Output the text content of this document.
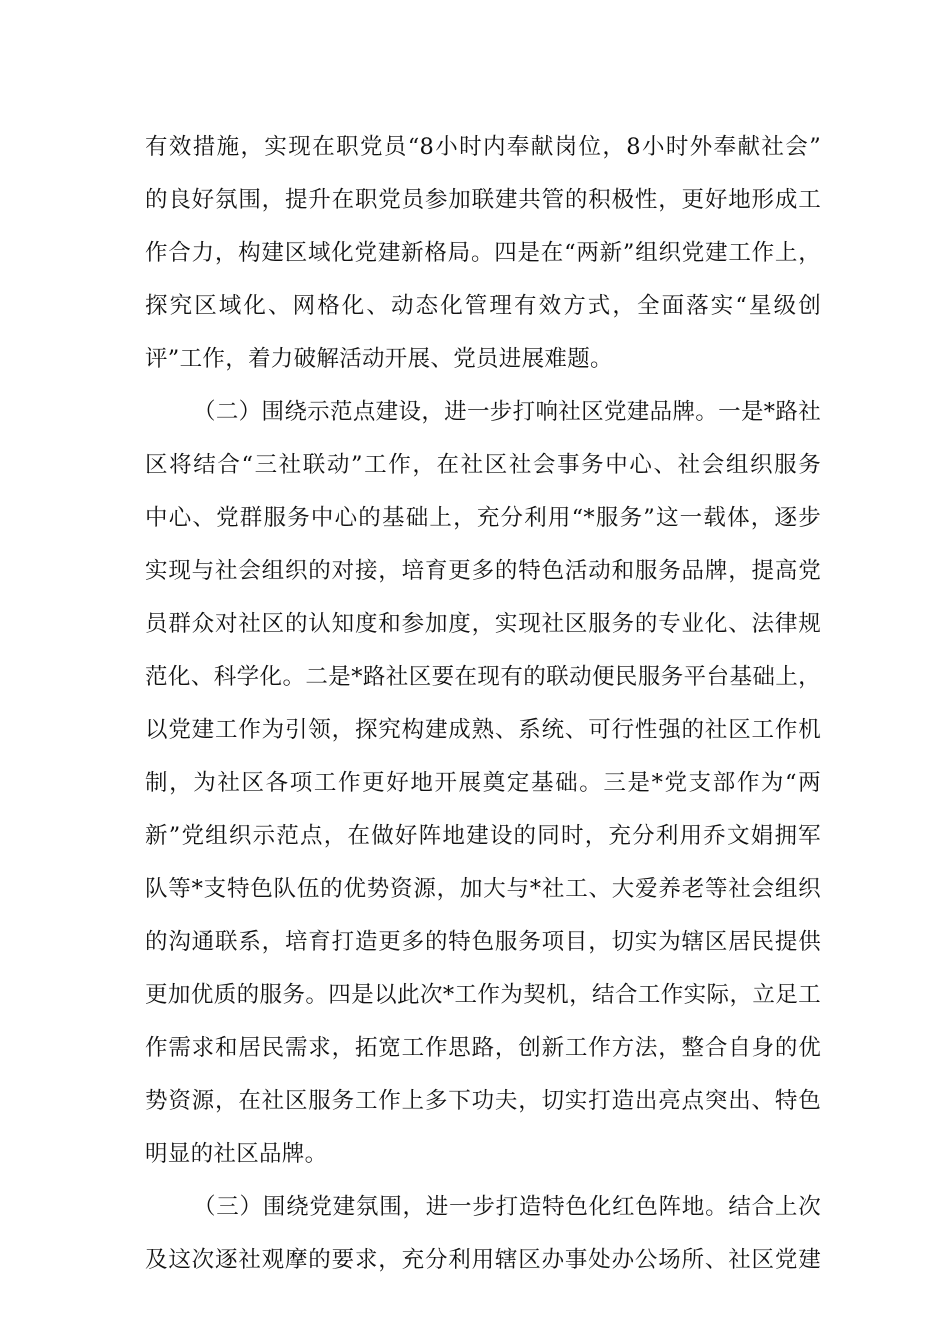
有效措施，实现在职党员“8小时内奉献岗位，8小时外奉献社会”
的良好氛围，提升在职党员参加联建共管的积极性，更好地形成工
作合力，构建区域化党建新格局。四是在“两新”组织党建工作上，
探究区域化、网格化、动态化管理有效方式，全面落实“星级创
评”工作，着力破解活动开展、党员进展难题。
（二）围绕示范点建设，进一步打响社区党建品牌。一是*路社
区将结合“三社联动”工作，在社区社会事务中心、社会组织服务
中心、党群服务中心的基础上，充分利用“*服务”这一载体，逐步
实现与社会组织的对接，培育更多的特色活动和服务品牌，提高党
员群众对社区的认知度和参加度，实现社区服务的专业化、法律规
范化、科学化。二是*路社区要在现有的联动便民服务平台基础上，
以党建工作为引领，探究构建成熟、系统、可行性强的社区工作机
制，为社区各项工作更好地开展奠定基础。三是*党支部作为“两
新”党组织示范点，在做好阵地建设的同时，充分利用乔文娟拥军
队等*支特色队伍的优势资源，加大与*社工、大爱养老等社会组织
的沟通联系，培育打造更多的特色服务项目，切实为辖区居民提供
更加优质的服务。四是以此次*工作为契机，结合工作实际，立足工
作需求和居民需求，拓宽工作思路，创新工作方法，整合自身的优
势资源，在社区服务工作上多下功夫，切实打造出亮点突出、特色
明显的社区品牌。
（三）围绕党建氛围，进一步打造特色化红色阵地。结合上次
及这次逐社观摩的要求，充分利用辖区办事处办公场所、社区党建
